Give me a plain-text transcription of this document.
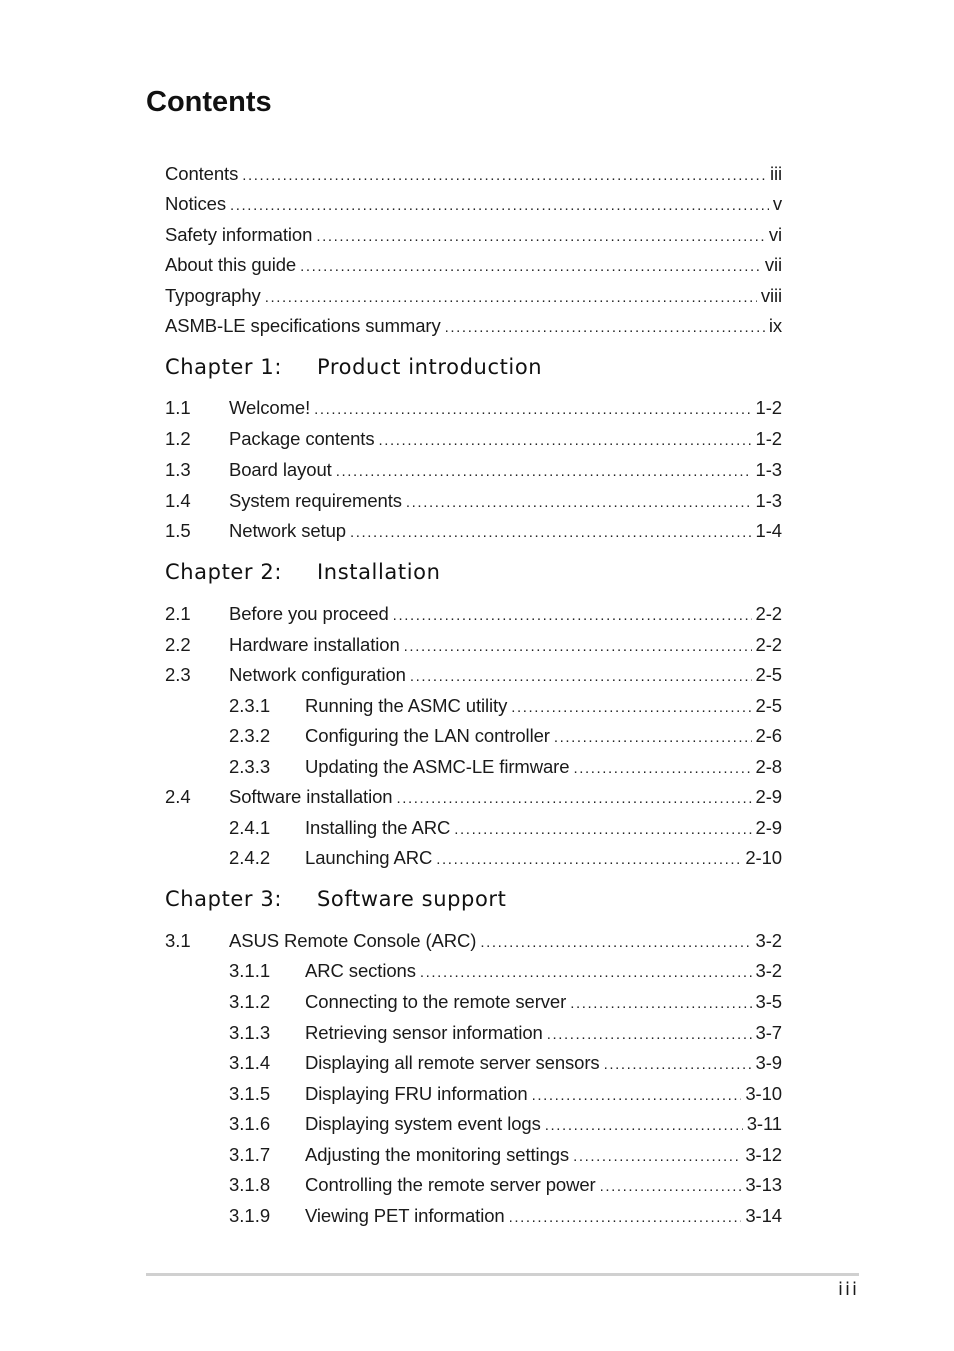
Contents
Contents .....	iii
Notices .....	v
Safety information .....	vi
About this guide .....	vii
Typography .....	viii
ASMB-LE specifications summary .....	ix
Chapter 1: Product introduction
1.1 Welcome! .....	1-2
1.2 Package contents .....	1-2
1.3 Board layout .....	1-3
1.4 System requirements .....	1-3
1.5 Network setup .....	1-4
Chapter 2: Installation
2.1 Before you proceed .....	2-2
2.2 Hardware installation .....	2-2
2.3 Network configuration .....	2-5
2.3.1 Running the ASMC utility .....	2-5
2.3.2 Configuring the LAN controller .....	2-6
2.3.3 Updating the ASMC-LE firmware .....	2-8
2.4 Software installation .....	2-9
2.4.1 Installing the ARC .....	2-9
2.4.2 Launching ARC .....	2-10
Chapter 3: Software support
3.1 ASUS Remote Console (ARC) .....	3-2
3.1.1 ARC sections .....	3-2
3.1.2 Connecting to the remote server .....	3-5
3.1.3 Retrieving sensor information .....	3-7
3.1.4 Displaying all remote server sensors .....	3-9
3.1.5 Displaying FRU information .....	3-10
3.1.6 Displaying system event logs .....	3-11
3.1.7 Adjusting the monitoring settings .....	3-12
3.1.8 Controlling the remote server power .....	3-13
3.1.9 Viewing PET information .....	3-14
iii
